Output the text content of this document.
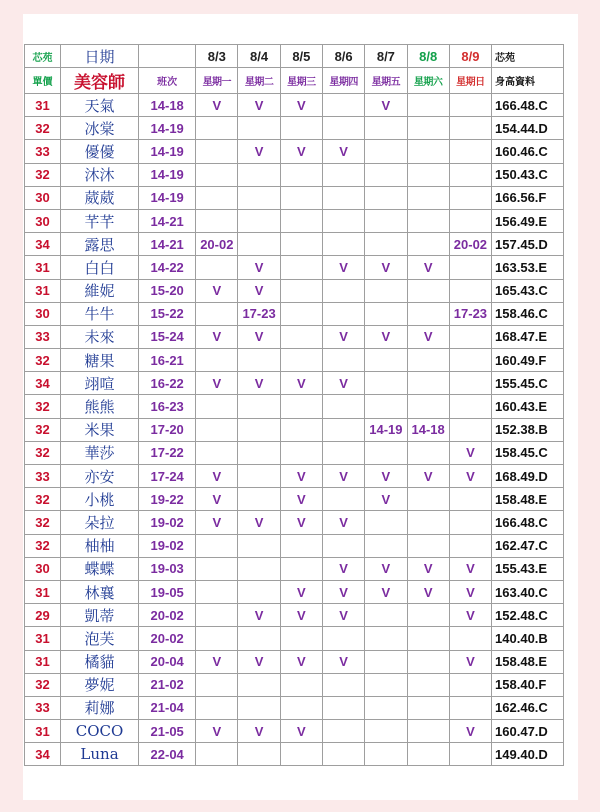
芯苑	日期		8/3	8/4	8/5	8/6	8/7	8/8	8/9	芯苑
單價	美容師	班次	星期一	星期二	星期三	星期四	星期五	星期六	星期日	身高資料
31	天氣	14-18	V	V	V		V			166.48.C
32	冰棠	14-19								154.44.D
33	優優	14-19		V	V	V				160.46.C
32	沐沐	14-19								150.43.C
30	葳葳	14-19								166.56.F
30	芊芊	14-21								156.49.E
34	露思	14-21	20-02						20-02	157.45.D
31	白白	14-22		V		V	V	V		163.53.E
31	維妮	15-20	V	V						165.43.C
30	牛牛	15-22		17-23					17-23	158.46.C
33	未來	15-24	V	V		V	V	V		168.47.E
32	糖果	16-21								160.49.F
34	翊喧	16-22	V	V	V	V				155.45.C
32	熊熊	16-23								160.43.E
32	米果	17-20					14-19	14-18		152.38.B
32	華莎	17-22							V	158.45.C
33	亦安	17-24	V		V	V	V	V	V	168.49.D
32	小桃	19-22	V		V		V			158.48.E
32	朵拉	19-02	V	V	V	V				166.48.C
32	柚柚	19-02								162.47.C
30	蝶蝶	19-03				V	V	V	V	155.43.E
31	林襄	19-05			V	V	V	V	V	163.40.C
29	凱蒂	20-02		V	V	V			V	152.48.C
31	泡芙	20-02								140.40.B
31	橘貓	20-04	V	V	V	V			V	158.48.E
32	夢妮	21-02								158.40.F
33	莉娜	21-04								162.46.C
31	COCO	21-05	V	V	V				V	160.47.D
34	Luna	22-04								149.40.D
